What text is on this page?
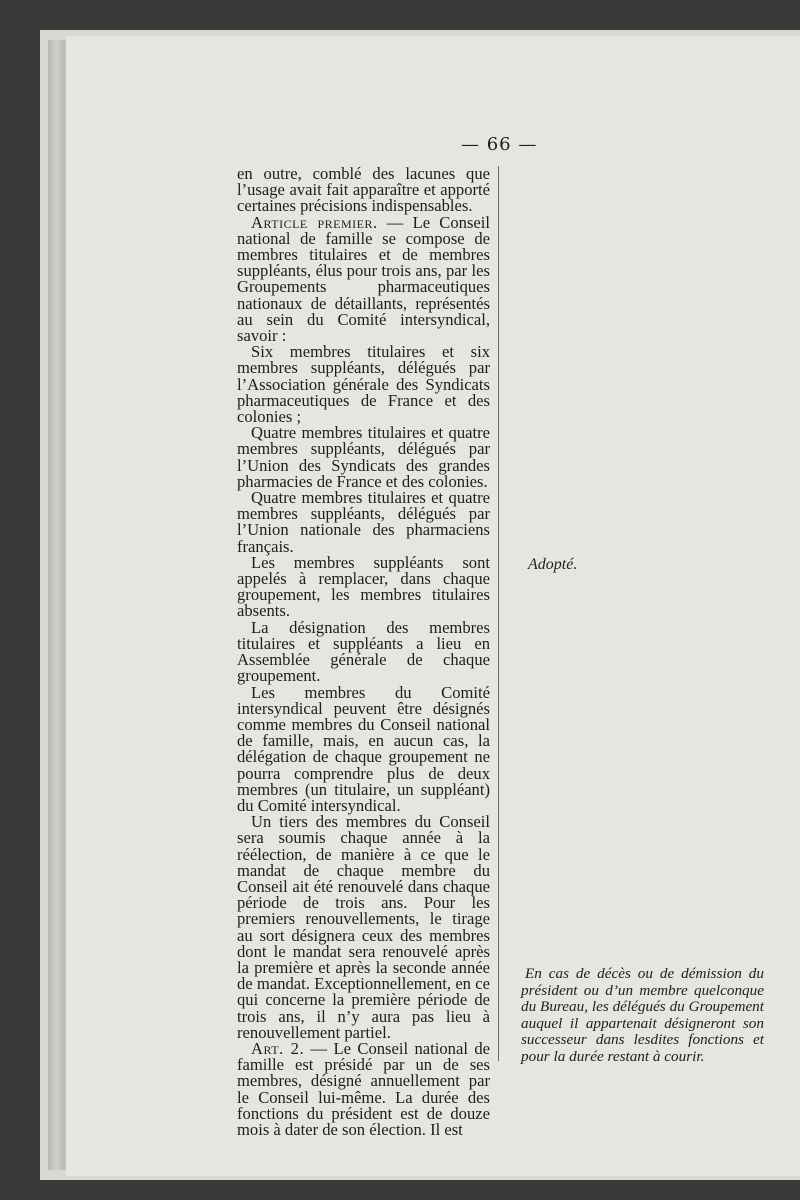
— 66 —

en outre, comblé des lacunes que l’usage avait fait apparaître et apporté certaines précisions indispensables.

Article premier. — Le Conseil national de famille se compose de membres titulaires et de membres suppléants, élus pour trois ans, par les Groupements pharmaceutiques nationaux de détaillants, représentés au sein du Comité intersyndical, savoir :

Six membres titulaires et six membres suppléants, délégués par l’Association générale des Syndicats pharmaceutiques de France et des colonies ;

Quatre membres titulaires et quatre membres suppléants, délégués par l’Union des Syndicats des grandes pharmacies de France et des colonies.

Quatre membres titulaires et quatre membres suppléants, délégués par l’Union nationale des pharmaciens français.

Les membres suppléants sont appelés à remplacer, dans chaque groupement, les membres titulaires absents.

La désignation des membres titulaires et suppléants a lieu en Assemblée générale de chaque groupement.

Les membres du Comité intersyndical peuvent être désignés comme membres du Conseil national de famille, mais, en aucun cas, la délégation de chaque groupement ne pourra comprendre plus de deux membres (un titulaire, un suppléant) du Comité intersyndical.

Un tiers des membres du Conseil sera soumis chaque année à la réélection, de manière à ce que le mandat de chaque membre du Conseil ait été renouvelé dans chaque période de trois ans. Pour les premiers renouvellements, le tirage au sort désignera ceux des membres dont le mandat sera renouvelé après la première et après la seconde année de mandat. Exceptionnellement, en ce qui concerne la première période de trois ans, il n’y aura pas lieu à renouvellement partiel.

Art. 2. — Le Conseil national de famille est présidé par un de ses membres, désigné annuellement par le Conseil lui-même. La durée des fonctions du président est de douze mois à dater de son élection. Il est

Adopté.

En cas de décès ou de démission du président ou d’un membre quelconque du Bureau, les délégués du Groupement auquel il appartenait désigneront son successeur dans lesdites fonctions et pour la durée restant à courir.
